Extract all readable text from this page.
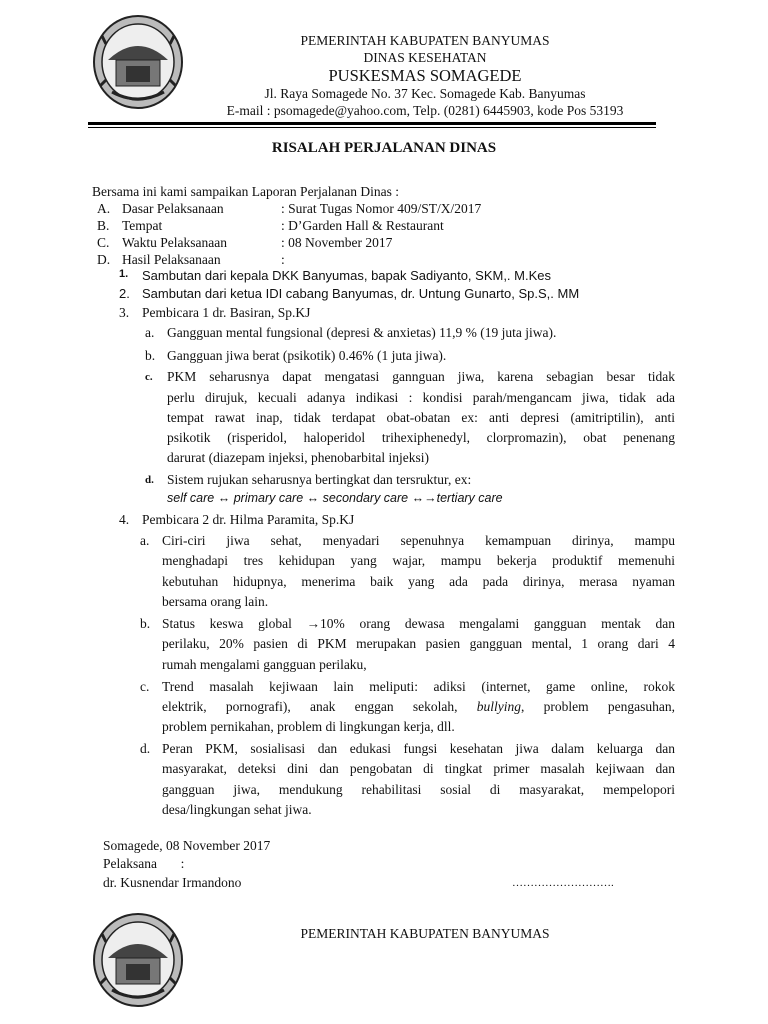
PEMERINTAH KABUPATEN BANYUMAS
DINAS KESEHATAN
PUSKESMAS SOMAGEDE
Jl. Raya Somagede No. 37 Kec. Somagede Kab. Banyumas
E-mail : psomagede@yahoo.com, Telp. (0281) 6445903, kode Pos 53193
RISALAH PERJALANAN DINAS
Bersama ini kami sampaikan Laporan Perjalanan Dinas :
A. Dasar Pelaksanaan	: Surat Tugas Nomor 409/ST/X/2017
B. Tempat	: D’Garden Hall & Restaurant
C. Waktu Pelaksanaan	: 08 November 2017
D. Hasil Pelaksanaan	:
1. Sambutan dari kepala DKK Banyumas, bapak Sadiyanto, SKM,. M.Kes
2. Sambutan dari ketua IDI cabang Banyumas, dr. Untung Gunarto, Sp.S,. MM
3. Pembicara 1 dr. Basiran, Sp.KJ
a. Gangguan mental fungsional (depresi & anxietas) 11,9 % (19 juta jiwa).
b. Gangguan jiwa berat (psikotik) 0.46% (1 juta jiwa).
c. PKM seharusnya dapat mengatasi gannguan jiwa, karena sebagian besar tidak
perlu dirujuk, kecuali adanya indikasi : kondisi parah/mengancam jiwa, tidak ada
tempat rawat inap, tidak terdapat obat-obatan ex: anti depresi (amitriptilin), anti
psikotik (risperidol, haloperidol trihexiphenedyl, clorpromazin), obat penenang
darurat (diazepam injeksi, phenobarbital injeksi)
d. Sistem rujukan seharusnya bertingkat dan tersruktur, ex:
self care ↔ primary care ↔ secondary care ↔→tertiary care
4. Pembicara 2 dr. Hilma Paramita, Sp.KJ
a. Ciri-ciri jiwa sehat, menyadari sepenuhnya kemampuan dirinya, mampu
menghadapi tres kehidupan yang wajar, mampu bekerja produktif memenuhi
kebutuhan hidupnya, menerima baik yang ada pada dirinya, merasa nyaman
bersama orang lain.
b. Status keswa global →10% orang dewasa mengalami gangguan mentak dan
perilaku, 20% pasien di PKM merupakan pasien gangguan mental, 1 orang dari 4
rumah mengalami gangguan perilaku,
c. Trend masalah kejiwaan lain meliputi: adiksi (internet, game online, rokok
elektrik, pornografi), anak enggan sekolah, bullying, problem pengasuhan,
problem pernikahan, problem di lingkungan kerja, dll.
d. Peran PKM, sosialisasi dan edukasi fungsi kesehatan jiwa dalam keluarga dan
masyarakat, deteksi dini dan pengobatan di tingkat primer masalah kejiwaan dan
gangguan jiwa, mendukung rehabilitasi sosial di masyarakat, mempelopori
desa/lingkungan sehat jiwa.
Somagede, 08 November 2017
Pelaksana       :
dr. Kusnendar Irmandono	……………………….
PEMERINTAH KABUPATEN BANYUMAS
